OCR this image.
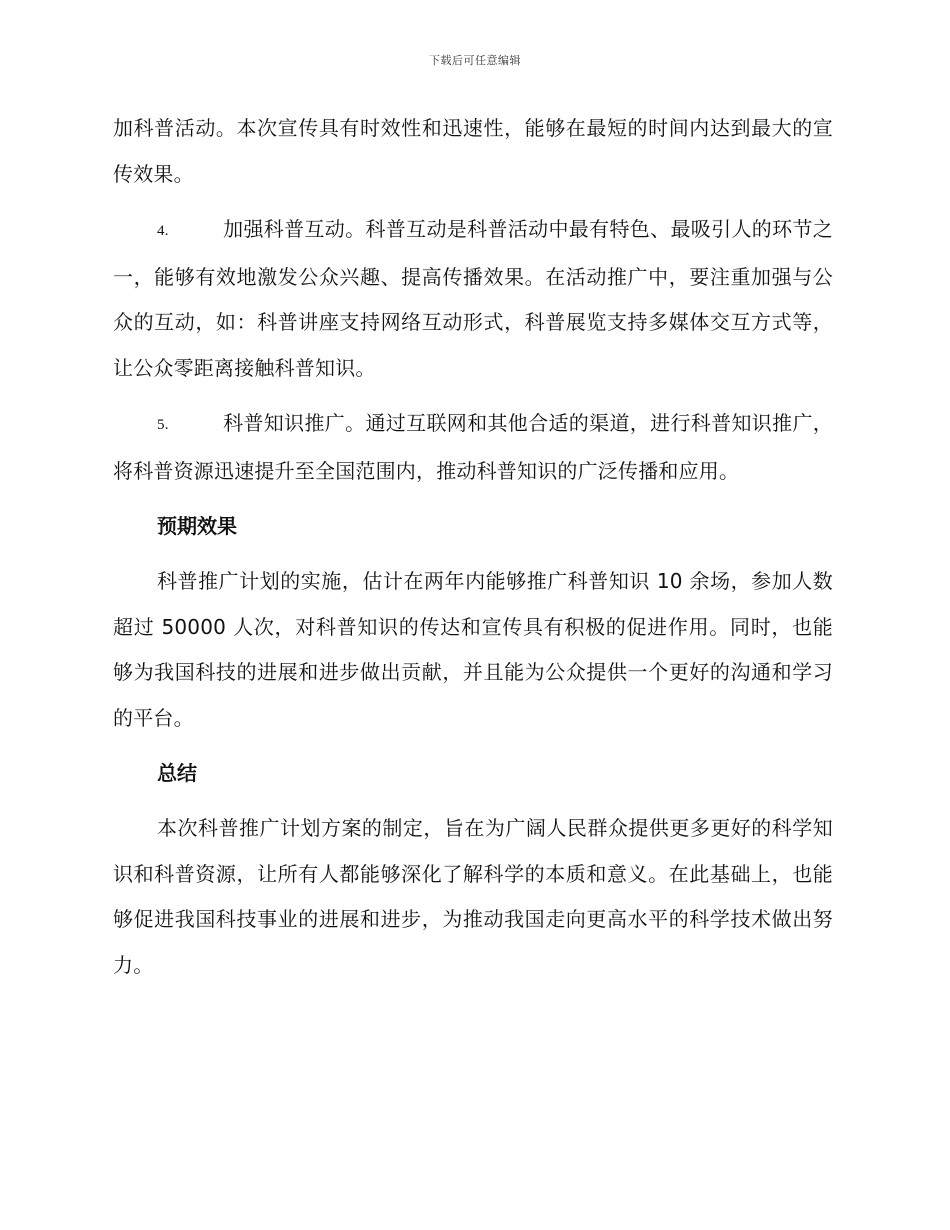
下载后可任意编辑

加科普活动。本次宣传具有时效性和迅速性，能够在最短的时间内达到最大的宣传效果。

4.	加强科普互动。科普互动是科普活动中最有特色、最吸引人的环节之一，能够有效地激发公众兴趣、提高传播效果。在活动推广中，要注重加强与公众的互动，如：科普讲座支持网络互动形式，科普展览支持多媒体交互方式等，让公众零距离接触科普知识。

5.	科普知识推广。通过互联网和其他合适的渠道，进行科普知识推广，将科普资源迅速提升至全国范围内，推动科普知识的广泛传播和应用。

预期效果

科普推广计划的实施，估计在两年内能够推广科普知识 10 余场，参加人数超过 50000 人次，对科普知识的传达和宣传具有积极的促进作用。同时，也能够为我国科技的进展和进步做出贡献，并且能为公众提供一个更好的沟通和学习的平台。

总结

本次科普推广计划方案的制定，旨在为广阔人民群众提供更多更好的科学知识和科普资源，让所有人都能够深化了解科学的本质和意义。在此基础上，也能够促进我国科技事业的进展和进步，为推动我国走向更高水平的科学技术做出努力。
